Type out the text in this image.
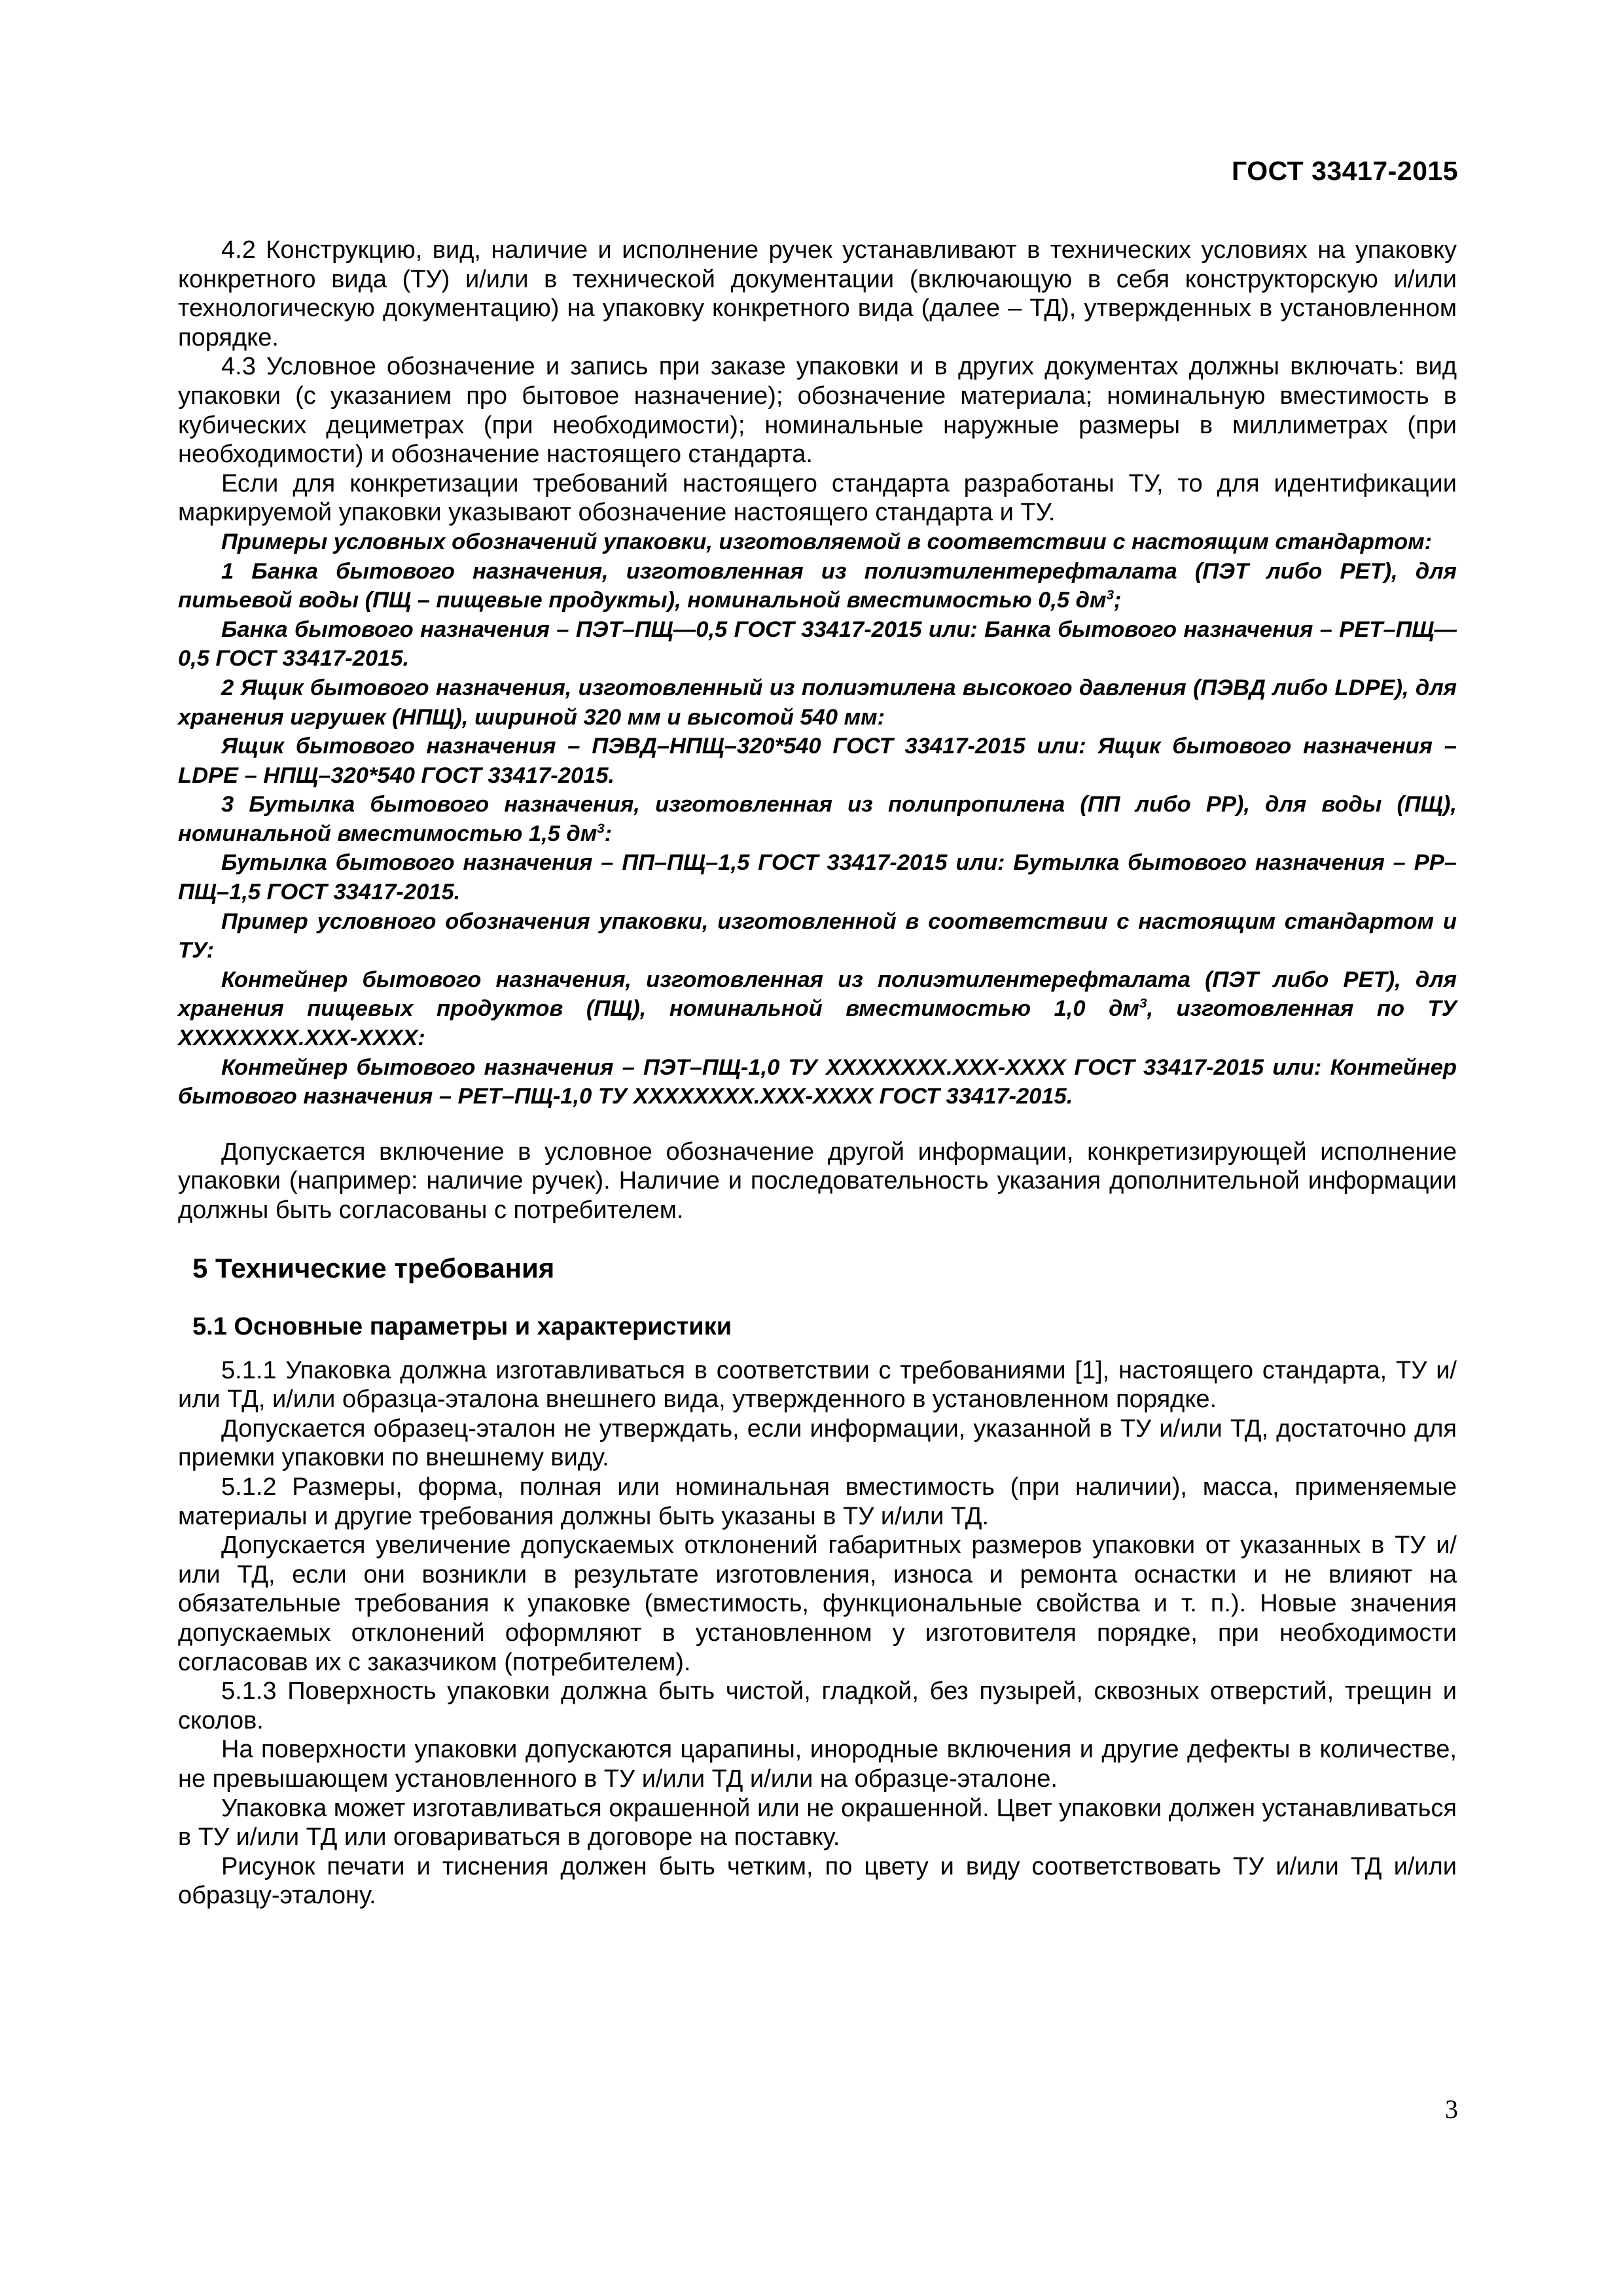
ГОСТ 33417-2015

4.2 Конструкцию, вид, наличие и исполнение ручек устанавливают в технических условиях на упаковку конкретного вида (ТУ) и/или в технической документации (включающую в себя конструкторскую и/или технологическую документацию) на упаковку конкретного вида (далее – ТД), утвержденных в установленном порядке.

4.3 Условное обозначение и запись при заказе упаковки и в других документах должны включать: вид упаковки (с указанием про бытовое назначение); обозначение материала; номинальную вместимость в кубических дециметрах (при необходимости); номинальные наружные размеры в миллиметрах (при необходимости) и обозначение настоящего стандарта.

Если для конкретизации требований настоящего стандарта разработаны ТУ, то для идентификации маркируемой упаковки указывают обозначение настоящего стандарта и ТУ.

Примеры условных обозначений упаковки, изготовляемой в соответствии с настоящим стандартом:

1 Банка бытового назначения, изготовленная из полиэтилентерефталата (ПЭТ либо PET), для питьевой воды (ПЩ – пищевые продукты), номинальной вместимостью 0,5 $дм^3$;

Банка бытового назначения – ПЭТ–ПЩ—0,5 ГОСТ 33417-2015 или: Банка бытового назначения – PET–ПЩ—0,5 ГОСТ 33417-2015.

2 Ящик бытового назначения, изготовленный из полиэтилена высокого давления (ПЭВД либо LDPE), для хранения игрушек (НПЩ), шириной 320 мм и высотой 540 мм:

Ящик бытового назначения – ПЭВД–НПЩ–320*540 ГОСТ 33417-2015 или: Ящик бытового назначения – LDPE – НПЩ–320*540 ГОСТ 33417-2015.

3 Бутылка бытового назначения, изготовленная из полипропилена (ПП либо PP), для воды (ПЩ), номинальной вместимостью 1,5 $дм^3$:

Бутылка бытового назначения – ПП–ПЩ–1,5 ГОСТ 33417-2015 или: Бутылка бытового назначения – PP–ПЩ–1,5 ГОСТ 33417-2015.

Пример условного обозначения упаковки, изготовленной в соответствии с настоящим стандартом и ТУ:

Контейнер бытового назначения, изготовленная из полиэтилентерефталата (ПЭТ либо PET), для хранения пищевых продуктов (ПЩ), номинальной вместимостью 1,0 $дм^3$, изготовленная по ТУ XXXXXXXX.XXX-XXXX:

Контейнер бытового назначения – ПЭТ–ПЩ-1,0 ТУ XXXXXXXX.XXX-XXXX ГОСТ 33417-2015 или: Контейнер бытового назначения – PET–ПЩ-1,0 ТУ XXXXXXXX.XXX-XXXX ГОСТ 33417-2015.

Допускается включение в условное обозначение другой информации, конкретизирующей исполнение упаковки (например: наличие ручек). Наличие и последовательность указания дополнительной информации должны быть согласованы с потребителем.

5 Технические требования
5.1 Основные параметры и характеристики

5.1.1 Упаковка должна изготавливаться в соответствии с требованиями [1], настоящего стандарта, ТУ и/или ТД, и/или образца-эталона внешнего вида, утвержденного в установленном порядке.

Допускается образец-эталон не утверждать, если информации, указанной в ТУ и/или ТД, достаточно для приемки упаковки по внешнему виду.

5.1.2 Размеры, форма, полная или номинальная вместимость (при наличии), масса, применяемые материалы и другие требования должны быть указаны в ТУ и/или ТД.

Допускается увеличение допускаемых отклонений габаритных размеров упаковки от указанных в ТУ и/или ТД, если они возникли в результате изготовления, износа и ремонта оснастки и не влияют на обязательные требования к упаковке (вместимость, функциональные свойства и т. п.). Новые значения допускаемых отклонений оформляют в установленном у изготовителя порядке, при необходимости согласовав их с заказчиком (потребителем).

5.1.3 Поверхность упаковки должна быть чистой, гладкой, без пузырей, сквозных отверстий, трещин и сколов.

На поверхности упаковки допускаются царапины, инородные включения и другие дефекты в количестве, не превышающем установленного в ТУ и/или ТД и/или на образце-эталоне.

Упаковка может изготавливаться окрашенной или не окрашенной. Цвет упаковки должен устанавливаться в ТУ и/или ТД или оговариваться в договоре на поставку.

Рисунок печати и тиснения должен быть четким, по цвету и виду соответствовать ТУ и/или ТД и/или образцу-эталону.

3
